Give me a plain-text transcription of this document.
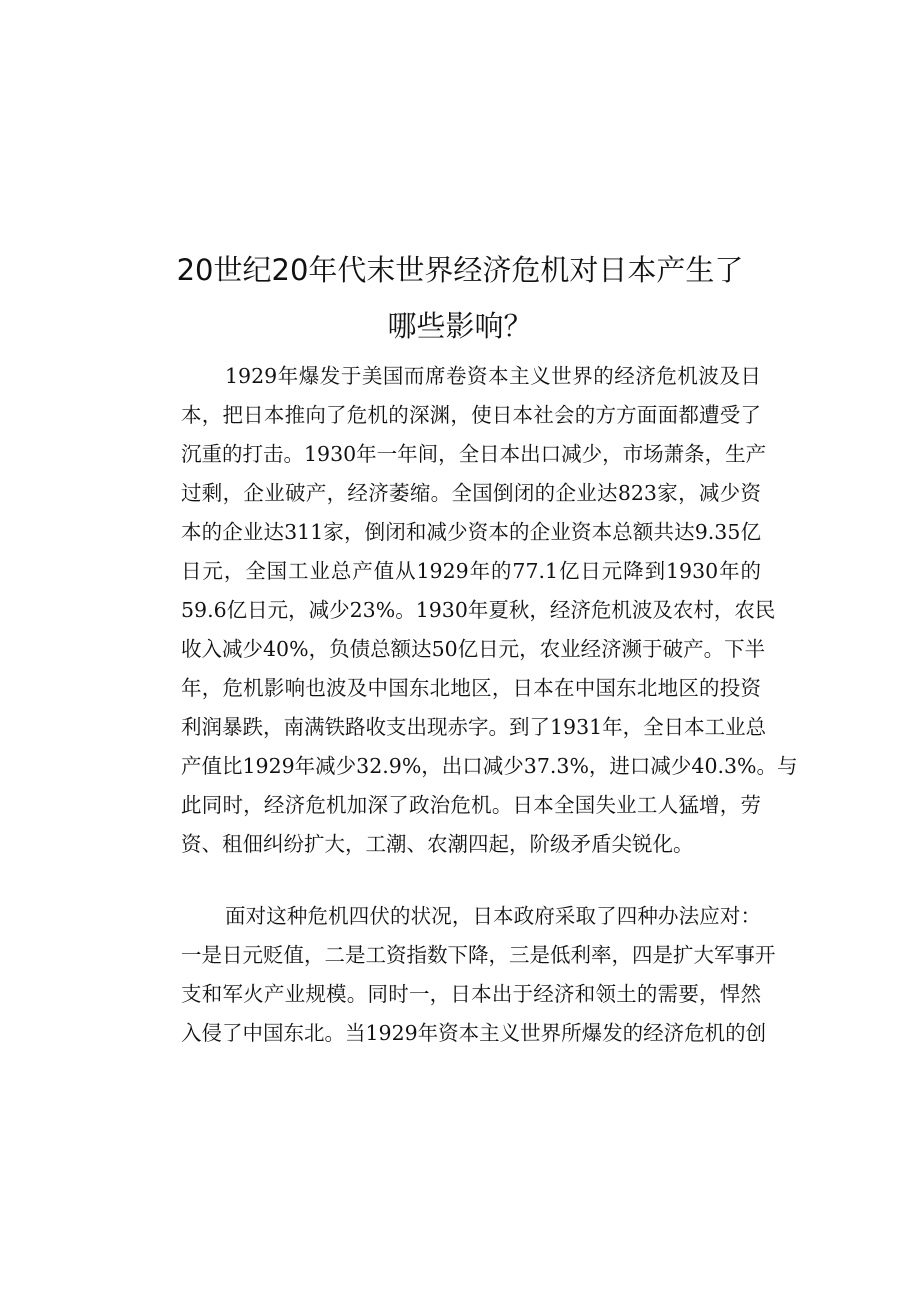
20世纪20年代末世界经济危机对日本产生了
哪些影响？
1929年爆发于美国而席卷资本主义世界的经济危机波及日
本，把日本推向了危机的深渊，使日本社会的方方面面都遭受了
沉重的打击。1930年一年间，全日本出口减少，市场萧条，生产
过剩，企业破产，经济萎缩。全国倒闭的企业达823家，减少资
本的企业达311家，倒闭和减少资本的企业资本总额共达9.35亿
日元，全国工业总产值从1929年的77.1亿日元降到1930年的
59.6亿日元，减少23%。1930年夏秋，经济危机波及农村，农民
收入减少40%，负债总额达50亿日元，农业经济濒于破产。下半
年，危机影响也波及中国东北地区，日本在中国东北地区的投资
利润暴跌，南满铁路收支出现赤字。到了1931年，全日本工业总
产值比1929年减少32.9%，出口减少37.3%，进口减少40.3%。与
此同时，经济危机加深了政治危机。日本全国失业工人猛增，劳
资、租佃纠纷扩大，工潮、农潮四起，阶级矛盾尖锐化。
面对这种危机四伏的状况，日本政府采取了四种办法应对：
一是日元贬值，二是工资指数下降，三是低利率，四是扩大军事开
支和军火产业规模。同时一，日本出于经济和领土的需要，悍然
入侵了中国东北。当1929年资本主义世界所爆发的经济危机的创
